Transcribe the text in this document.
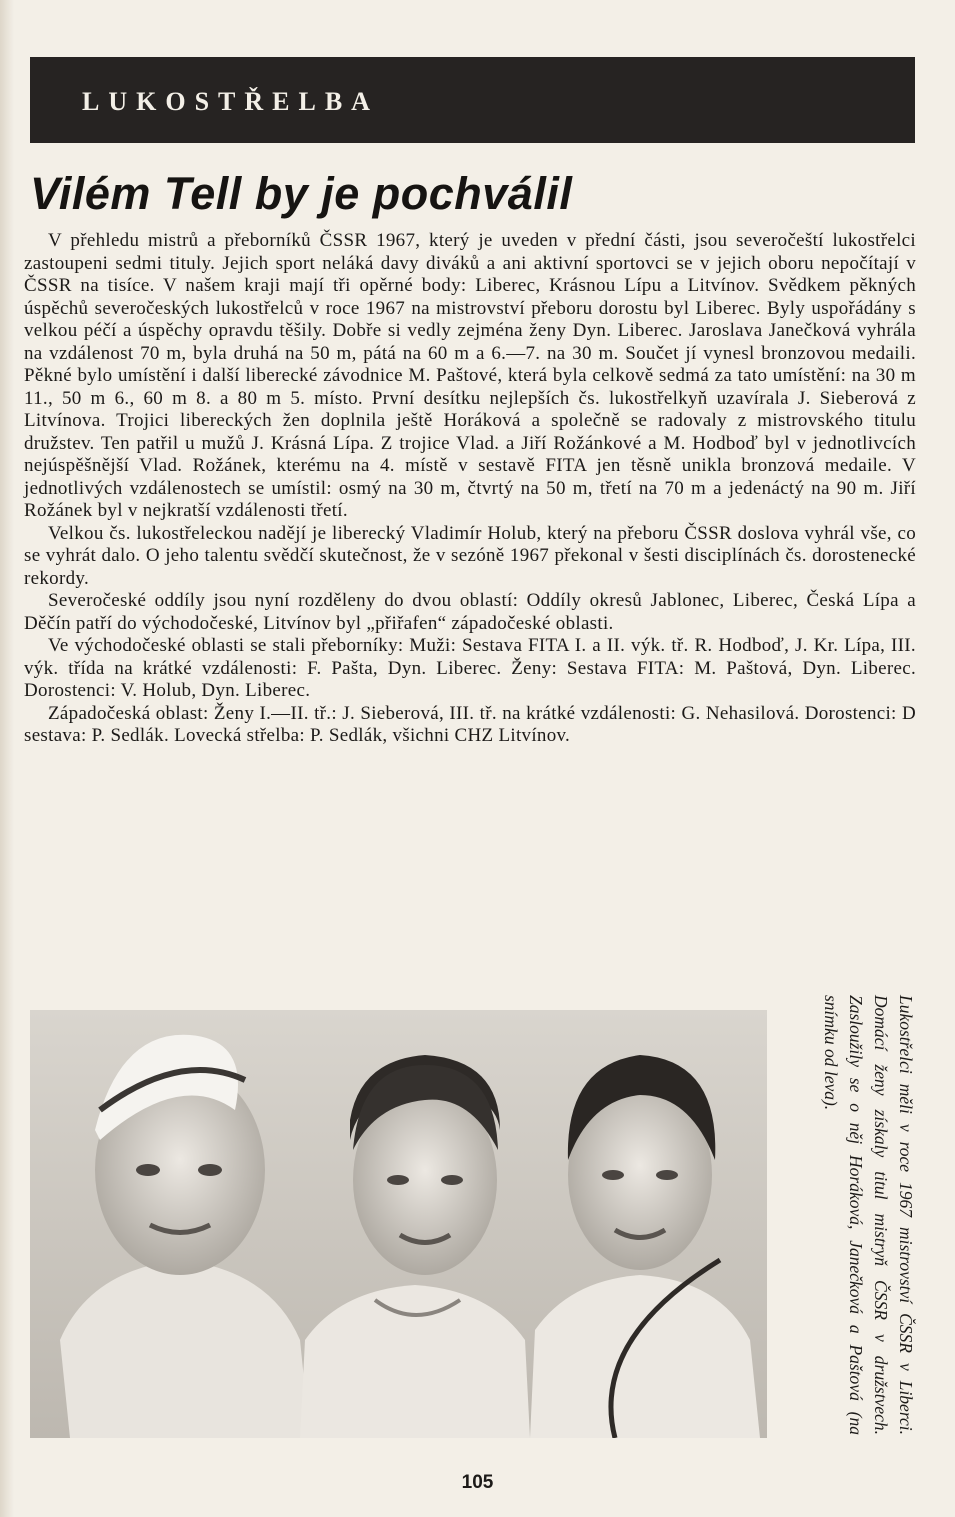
LUKOSTŘELBA
Vilém Tell by je pochválil

V přehledu mistrů a přeborníků ČSSR 1967, který je uveden v přední části, jsou severočeští lukostřelci zastoupeni sedmi tituly. Jejich sport neláká davy diváků a ani aktivní sportovci se v jejich oboru nepočítají v ČSSR na tisíce. V našem kraji mají tři opěrné body: Liberec, Krásnou Lípu a Litvínov. Svědkem pěkných úspěchů severočeských lukostřelců v roce 1967 na mistrovství přeboru dorostu byl Liberec. Byly uspořádány s velkou péčí a úspěchy opravdu těšily. Dobře si vedly zejména ženy Dyn. Liberec. Jaroslava Janečková vyhrála na vzdálenost 70 m, byla druhá na 50 m, pátá na 60 m a 6.—7. na 30 m. Součet jí vynesl bronzovou medaili. Pěkné bylo umístění i další liberecké závodnice M. Paštové, která byla celkově sedmá za tato umístění: na 30 m 11., 50 m 6., 60 m 8. a 80 m 5. místo. První desítku nejlepších čs. lukostřelkyň uzavírala J. Sieberová z Litvínova. Trojici libereckých žen doplnila ještě Horáková a společně se radovaly z mistrovského titulu družstev. Ten patřil u mužů J. Krásná Lípa. Z trojice Vlad. a Jiří Rožánkové a M. Hodboď byl v jednotlivcích nejúspěšnější Vlad. Rožánek, kterému na 4. místě v sestavě FITA jen těsně unikla bronzová medaile. V jednotlivých vzdálenostech se umístil: osmý na 30 m, čtvrtý na 50 m, třetí na 70 m a jedenáctý na 90 m. Jiří Rožánek byl v nejkratší vzdálenosti třetí.

Velkou čs. lukostřeleckou nadějí je liberecký Vladimír Holub, který na přeboru ČSSR doslova vyhrál vše, co se vyhrát dalo. O jeho talentu svědčí skutečnost, že v sezóně 1967 překonal v šesti disciplínách čs. dorostenecké rekordy.

Severočeské oddíly jsou nyní rozděleny do dvou oblastí: Oddíly okresů Jablonec, Liberec, Česká Lípa a Děčín patří do východočeské, Litvínov byl „přiřafen“ západočeské oblasti.

Ve východočeské oblasti se stali přeborníky: Muži: Sestava FITA I. a II. výk. tř. R. Hodboď, J. Kr. Lípa, III. výk. třída na krátké vzdálenosti: F. Pašta, Dyn. Liberec. Ženy: Sestava FITA: M. Paštová, Dyn. Liberec. Dorostenci: V. Holub, Dyn. Liberec.

Západočeská oblast: Ženy I.—II. tř.: J. Sieberová, III. tř. na krátké vzdálenosti: G. Nehasilová. Dorostenci: D sestava: P. Sedlák. Lovecká střelba: P. Sedlák, všichni CHZ Litvínov.

Lukostřelci měli v roce 1967 mistrovství ČSSR v Liberci. Domácí ženy získaly titul mistryň ČSSR v družstvech. Zasloužily se o něj Horáková, Janečková a Paštová (na snímku od leva).
105
